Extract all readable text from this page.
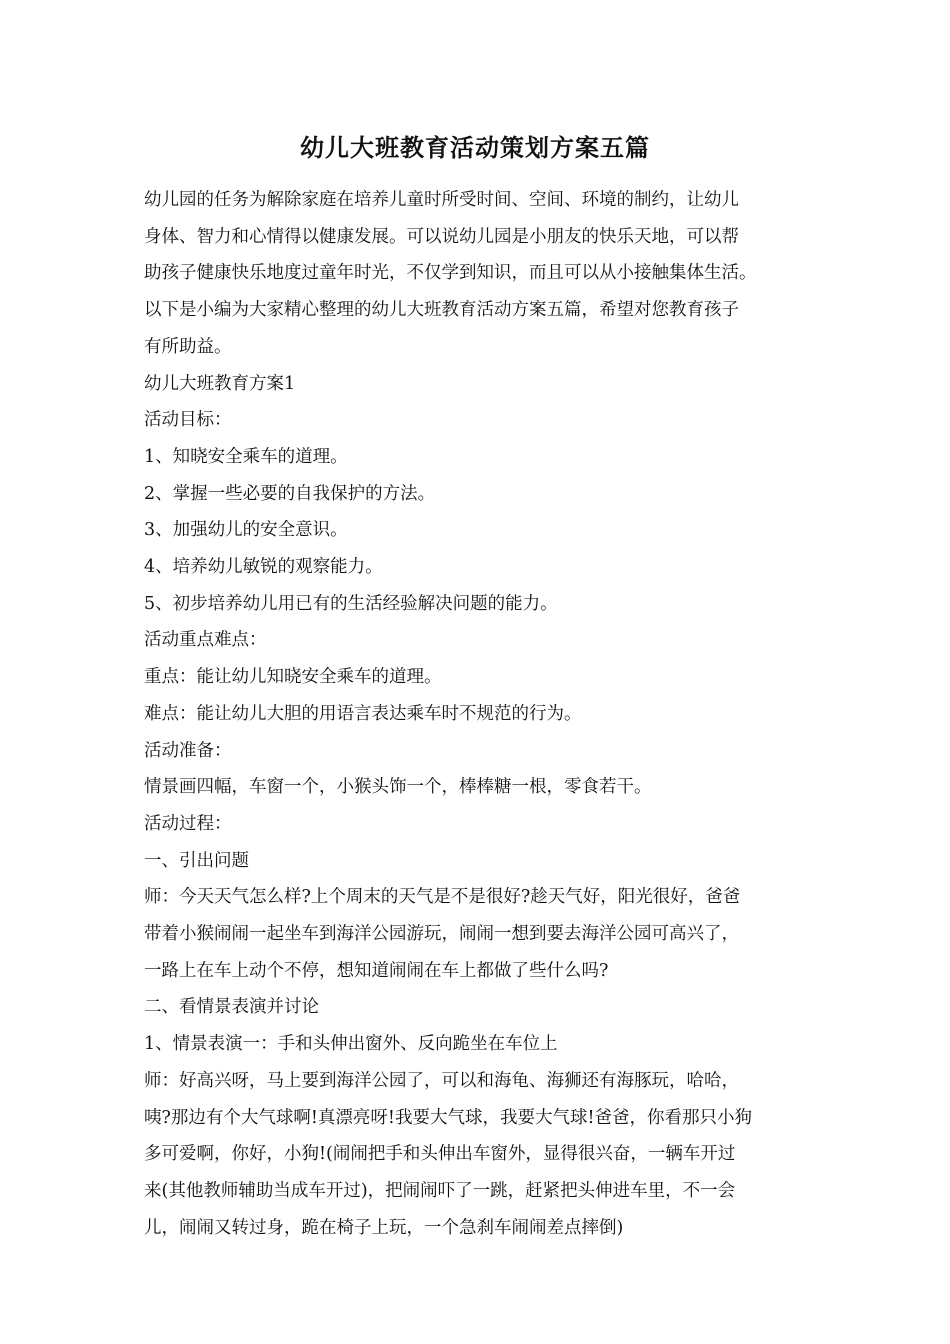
幼儿大班教育活动策划方案五篇

幼儿园的任务为解除家庭在培养儿童时所受时间、空间、环境的制约，让幼儿

身体、智力和心情得以健康发展。可以说幼儿园是小朋友的快乐天地，可以帮

助孩子健康快乐地度过童年时光，不仅学到知识，而且可以从小接触集体生活。

以下是小编为大家精心整理的幼儿大班教育活动方案五篇，希望对您教育孩子

有所助益。

幼儿大班教育方案1

活动目标：

1、知晓安全乘车的道理。

2、掌握一些必要的自我保护的方法。

3、加强幼儿的安全意识。

4、培养幼儿敏锐的观察能力。

5、初步培养幼儿用已有的生活经验解决问题的能力。

活动重点难点：

重点：能让幼儿知晓安全乘车的道理。

难点：能让幼儿大胆的用语言表达乘车时不规范的行为。

活动准备：

情景画四幅，车窗一个，小猴头饰一个，棒棒糖一根，零食若干。

活动过程：

一、引出问题

师：今天天气怎么样?上个周末的天气是不是很好?趁天气好，阳光很好，爸爸

带着小猴闹闹一起坐车到海洋公园游玩，闹闹一想到要去海洋公园可高兴了，

一路上在车上动个不停，想知道闹闹在车上都做了些什么吗?

二、看情景表演并讨论

1、情景表演一：手和头伸出窗外、反向跪坐在车位上

师：好高兴呀，马上要到海洋公园了，可以和海龟、海狮还有海豚玩，哈哈，

咦?那边有个大气球啊!真漂亮呀!我要大气球，我要大气球!爸爸，你看那只小狗

多可爱啊，你好，小狗!(闹闹把手和头伸出车窗外，显得很兴奋，一辆车开过

来(其他教师辅助当成车开过)，把闹闹吓了一跳，赶紧把头伸进车里，不一会

儿，闹闹又转过身，跪在椅子上玩，一个急刹车闹闹差点摔倒)
